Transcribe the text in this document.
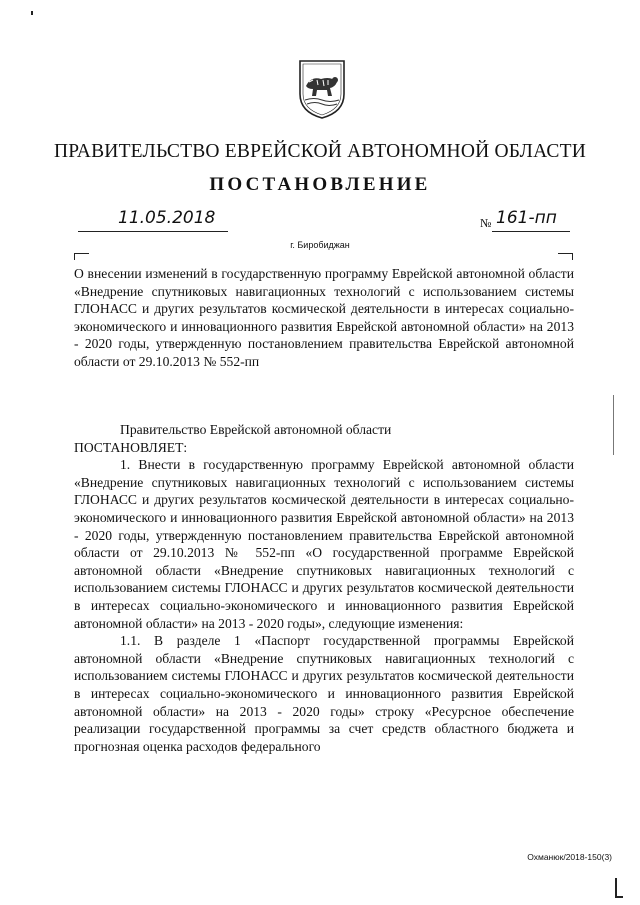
ПРАВИТЕЛЬСТВО ЕВРЕЙСКОЙ АВТОНОМНОЙ ОБЛАСТИ
ПОСТАНОВЛЕНИЕ
11.05.2018	№ 161-пп
г. Биробиджан

О внесении изменений в государственную программу Еврейской автономной области «Внедрение спутниковых навигационных технологий с использованием системы ГЛОНАСС и других результатов космической деятельности в интересах социально-экономического и инновационного развития Еврейской автономной области» на 2013 - 2020 годы, утвержденную постановлением правительства Еврейской автономной области от 29.10.2013 № 552-пп

Правительство Еврейской автономной области

ПОСТАНОВЛЯЕТ:

1. Внести в государственную программу Еврейской автономной области «Внедрение спутниковых навигационных технологий с использованием системы ГЛОНАСС и других результатов космической деятельности в интересах социально-экономического и инновационного развития Еврейской автономной области» на 2013 - 2020 годы, утвержденную постановлением правительства Еврейской автономной области от 29.10.2013 № 552-пп «О государственной программе Еврейской автономной области «Внедрение спутниковых навигационных технологий с использованием системы ГЛОНАСС и других результатов космической деятельности в интересах социально-экономического и инновационного развития Еврейской автономной области» на 2013 - 2020 годы», следующие изменения:

1.1. В разделе 1 «Паспорт государственной программы Еврейской автономной области «Внедрение спутниковых навигационных технологий с использованием системы ГЛОНАСС и других результатов космической деятельности в интересах социально-экономического и инновационного развития Еврейской автономной области» на 2013 - 2020 годы» строку «Ресурсное обеспечение реализации государственной программы за счет средств областного бюджета и прогнозная оценка расходов федерального

Охманюк/2018-150(3)
